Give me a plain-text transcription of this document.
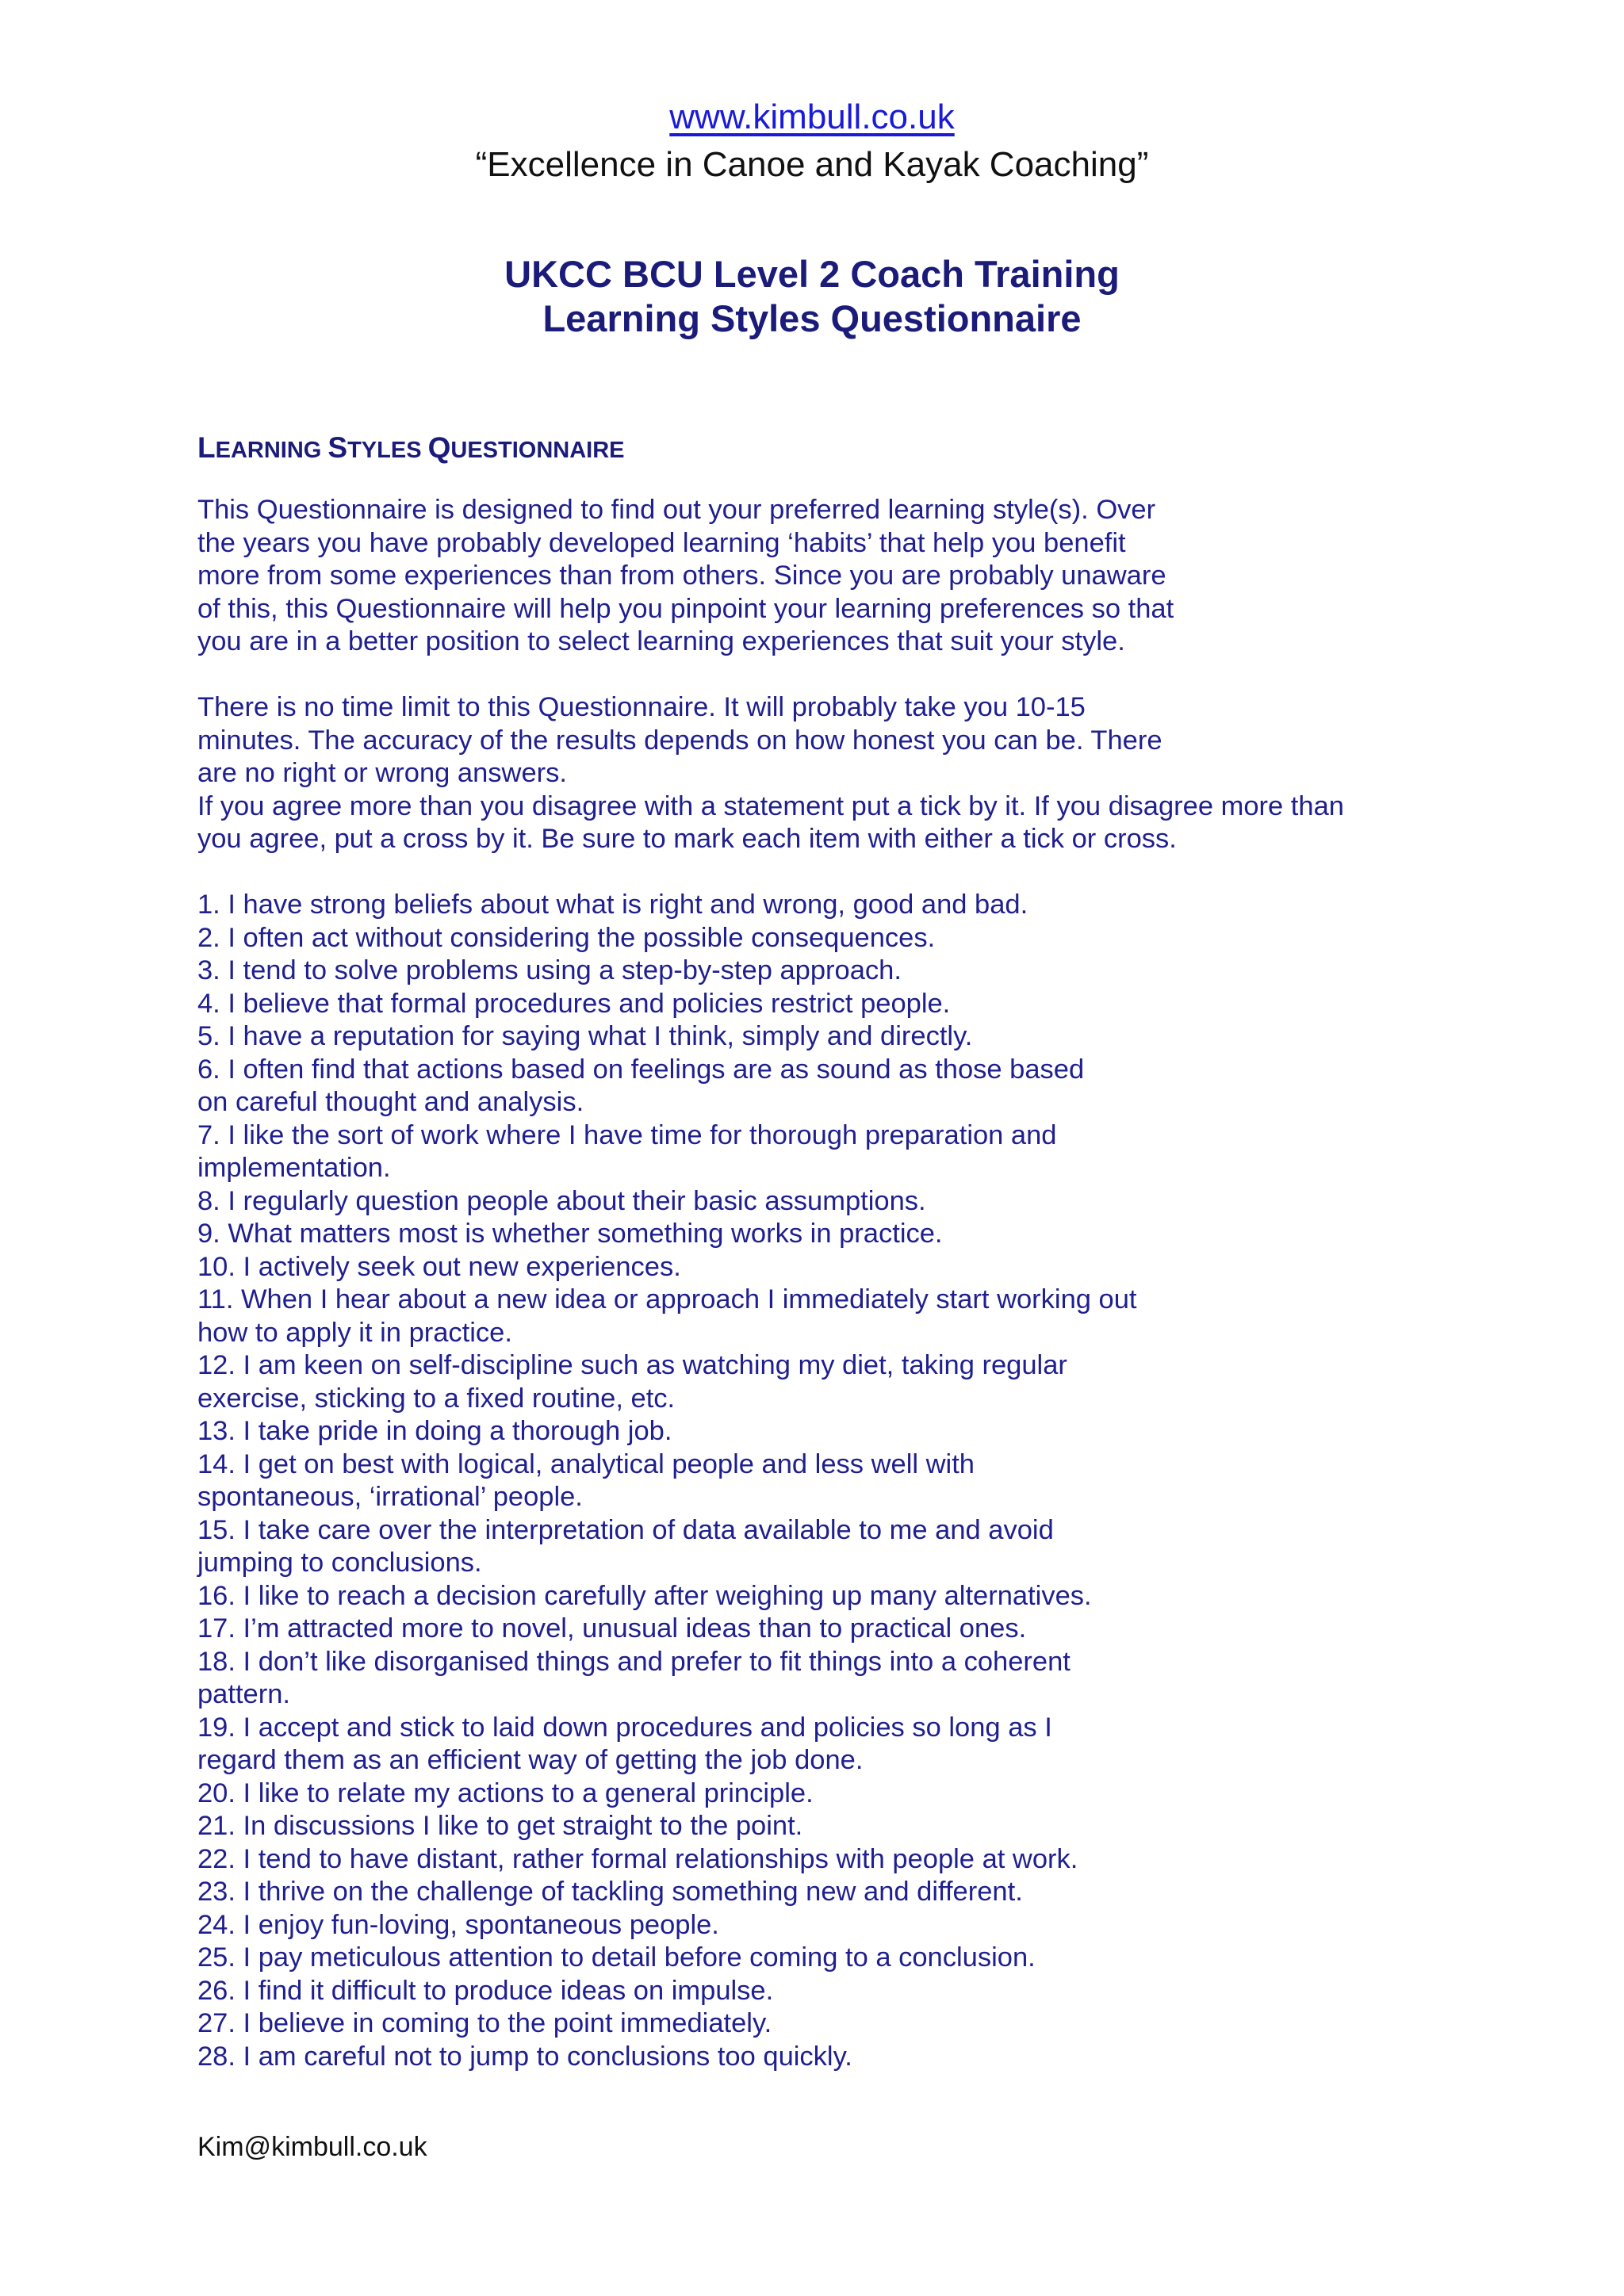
www.kimbull.co.uk
“Excellence in Canoe and Kayak Coaching”
UKCC BCU Level 2 Coach Training
Learning Styles Questionnaire
LEARNING STYLES QUESTIONNAIRE

This Questionnaire is designed to find out your preferred learning style(s). Over
the years you have probably developed learning ‘habits’ that help you benefit
more from some experiences than from others. Since you are probably unaware
of this, this Questionnaire will help you pinpoint your learning preferences so that
you are in a better position to select learning experiences that suit your style.

There is no time limit to this Questionnaire. It will probably take you 10-15
minutes. The accuracy of the results depends on how honest you can be. There
are no right or wrong answers.

If you agree more than you disagree with a statement put a tick by it. If you disagree more than
you agree, put a cross by it. Be sure to mark each item with either a tick or cross.

1. I have strong beliefs about what is right and wrong, good and bad.
2. I often act without considering the possible consequences.
3. I tend to solve problems using a step-by-step approach.
4. I believe that formal procedures and policies restrict people.
5. I have a reputation for saying what I think, simply and directly.
6. I often find that actions based on feelings are as sound as those based
on careful thought and analysis.
7. I like the sort of work where I have time for thorough preparation and
implementation.
8. I regularly question people about their basic assumptions.
9. What matters most is whether something works in practice.
10. I actively seek out new experiences.
11. When I hear about a new idea or approach I immediately start working out
how to apply it in practice.
12. I am keen on self-discipline such as watching my diet, taking regular
exercise, sticking to a fixed routine, etc.
13. I take pride in doing a thorough job.
14. I get on best with logical, analytical people and less well with
spontaneous, ‘irrational’ people.
15. I take care over the interpretation of data available to me and avoid
jumping to conclusions.
16. I like to reach a decision carefully after weighing up many alternatives.
17. I’m attracted more to novel, unusual ideas than to practical ones.
18. I don’t like disorganised things and prefer to fit things into a coherent
pattern.
19. I accept and stick to laid down procedures and policies so long as I
regard them as an efficient way of getting the job done.
20. I like to relate my actions to a general principle.
21. In discussions I like to get straight to the point.
22. I tend to have distant, rather formal relationships with people at work.
23. I thrive on the challenge of tackling something new and different.
24. I enjoy fun-loving, spontaneous people.
25. I pay meticulous attention to detail before coming to a conclusion.
26. I find it difficult to produce ideas on impulse.
27. I believe in coming to the point immediately.
28. I am careful not to jump to conclusions too quickly.
Kim@kimbull.co.uk
